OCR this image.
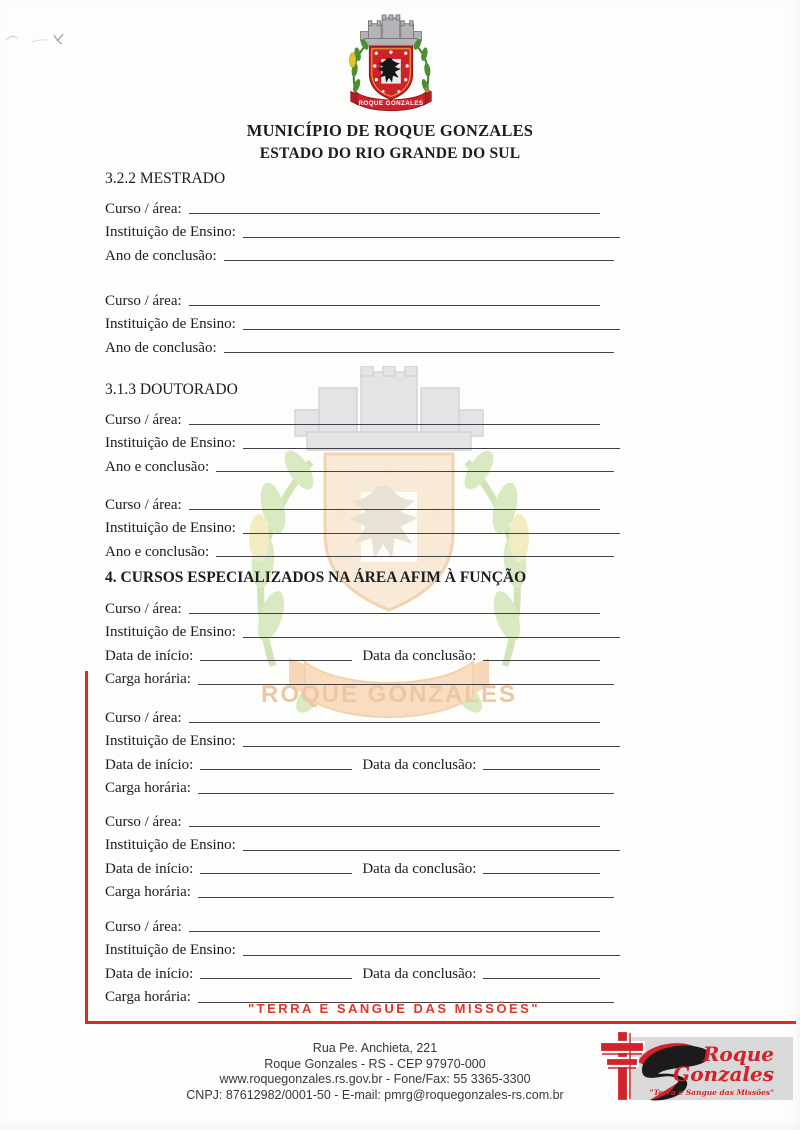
ROQUE GONZALES
ROQUE GONZALES
MUNICÍPIO DE ROQUE GONZALES
ESTADO DO RIO GRANDE DO SUL
3.2.2 MESTRADO
Curso / área:
Instituição de Ensino:
Ano de conclusão:
Curso / área:
Instituição de Ensino:
Ano de conclusão:
3.1.3 DOUTORADO
Curso / área:
Instituição de Ensino:
Ano e conclusão:
Curso / área:
Instituição de Ensino:
Ano e conclusão:
4. CURSOS ESPECIALIZADOS NA ÁREA AFIM À FUNÇÃO
Curso / área:
Instituição de Ensino:
Data de início:	Data da conclusão:
Carga horária:
Curso / área:
Instituição de Ensino:
Data de início:	Data da conclusão:
Carga horária:
Curso / área:
Instituição de Ensino:
Data de início:	Data da conclusão:
Carga horária:
Curso / área:
Instituição de Ensino:
Data de início:	Data da conclusão:
Carga horária:
"TERRA E SANGUE DAS MISSÕES"
Rua Pe. Anchieta, 221
Roque Gonzales - RS - CEP 97970-000
www.roquegonzales.rs.gov.br - Fone/Fax: 55 3365-3300
CNPJ: 87612982/0001-50 - E-mail: pmrg@roquegonzales-rs.com.br
Roque
Gonzales
"Terra e Sangue das Missões"
